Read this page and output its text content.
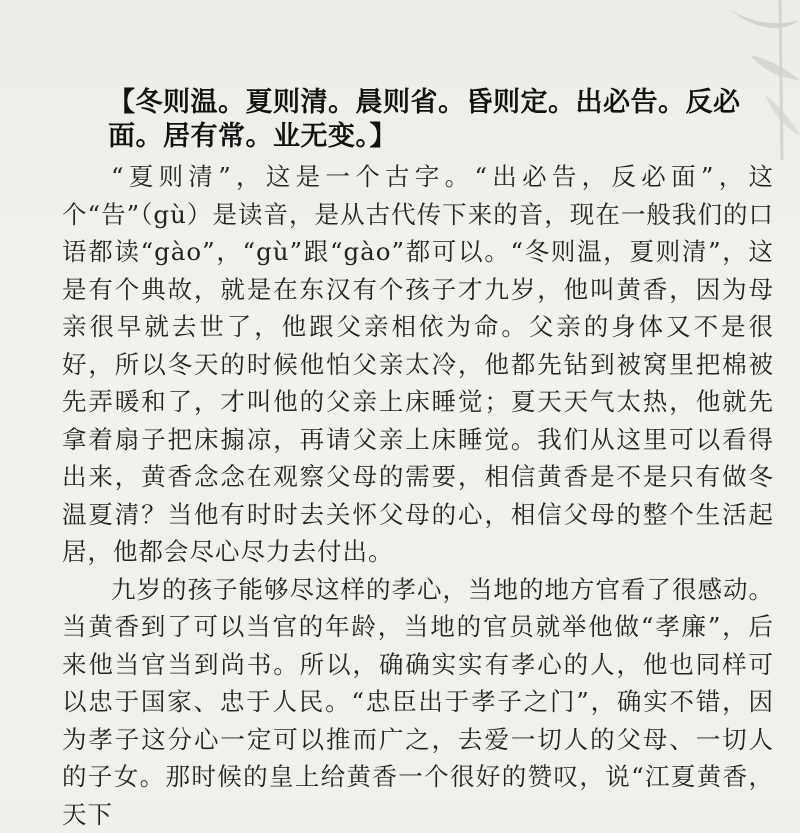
【冬则温。夏则清。晨则省。昏则定。出必告。反必面。居有常。业无变。】

“夏则清”，这是一个古字。“出必告，反必面”，这个“告”（gù）是读音，是从古代传下来的音，现在一般我们的口语都读“gào”，“gù”跟“gào”都可以。“冬则温，夏则清”，这是有个典故，就是在东汉有个孩子才九岁，他叫黄香，因为母亲很早就去世了，他跟父亲相依为命。父亲的身体又不是很好，所以冬天的时候他怕父亲太冷，他都先钻到被窝里把棉被先弄暖和了，才叫他的父亲上床睡觉；夏天天气太热，他就先拿着扇子把床搧凉，再请父亲上床睡觉。我们从这里可以看得出来，黄香念念在观察父母的需要，相信黄香是不是只有做冬温夏清？当他有时时去关怀父母的心，相信父母的整个生活起居，他都会尽心尽力去付出。

九岁的孩子能够尽这样的孝心，当地的地方官看了很感动。当黄香到了可以当官的年龄，当地的官员就举他做“孝廉”，后来他当官当到尚书。所以，确确实实有孝心的人，他也同样可以忠于国家、忠于人民。“忠臣出于孝子之门”，确实不错，因为孝子这分心一定可以推而广之，去爱一切人的父母、一切人的子女。那时候的皇上给黄香一个很好的赞叹，说“江夏黄香，天下
